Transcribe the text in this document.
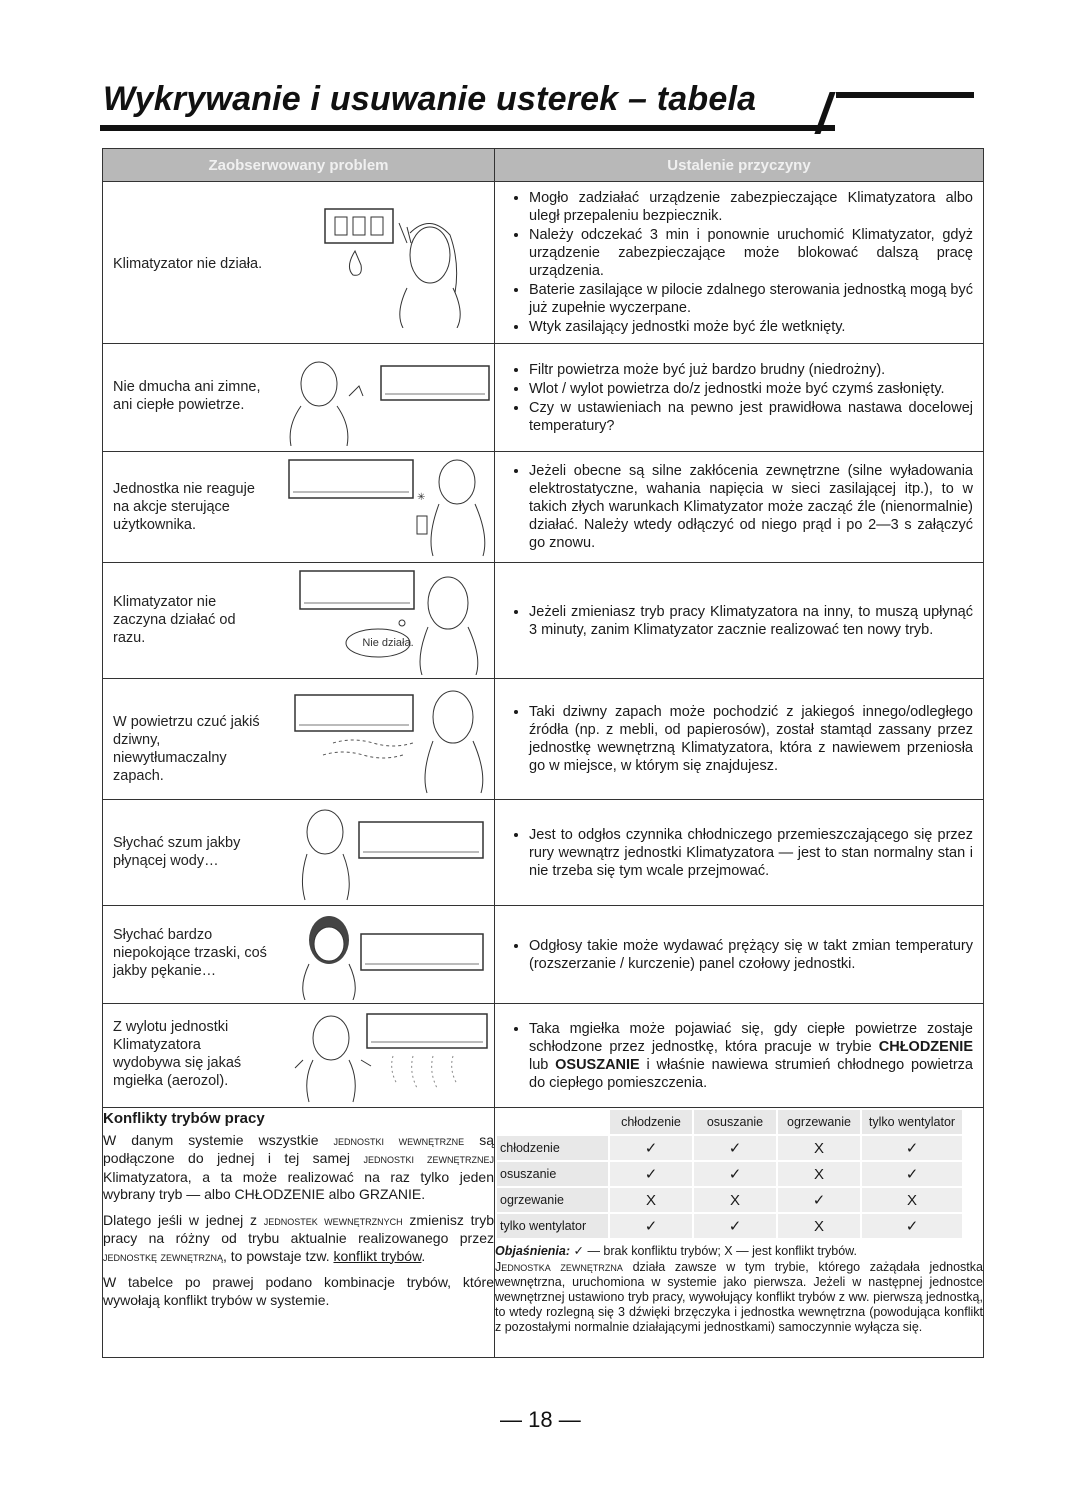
Wykrywanie i usuwanie usterek – tabela
Zaobserwowany problem	Ustalenie przyczyny

Klimatyzator nie działa.

• Mogło zadziałać urządzenie zabezpieczające Klimatyzatora albo uległ przepaleniu bezpiecznik.
• Należy odczekać 3 min i ponownie uruchomić Klimatyzator, gdyż urządzenie zabezpieczające może blokować dalszą pracę urządzenia.
• Baterie zasilające w pilocie zdalnego sterowania jednostką mogą być już zupełnie wyczerpane.
• Wtyk zasilający jednostki może być źle wetknięty.

Nie dmucha ani zimne, ani ciepłe powietrze.

• Filtr powietrza może być już bardzo brudny (niedrożny).
• Wlot / wylot powietrza do/z jednostki może być czymś zasłonięty.
• Czy w ustawieniach na pewno jest prawidłowa nastawa docelowej temperatury?

Jednostka nie reaguje na akcje sterujące użytkownika.
✳

• Jeżeli obecne są silne zakłócenia zewnętrzne (silne wyładowania elektrostatyczne, wahania napięcia w sieci zasilającej itp.), to w takich złych warunkach Klimatyzator może zacząć źle (nienormalnie) działać. Należy wtedy odłączyć od niego prąd i po 2—3 s załączyć go znowu.

Klimatyzator nie zaczyna działać od razu.	Nie działa.

• Jeżeli zmieniasz tryb pracy Klimatyzatora na inny, to muszą upłynąć 3 minuty, zanim Klimatyzator zacznie realizować ten nowy tryb.

W powietrzu czuć jakiś dziwny, niewytłumaczalny zapach.

• Taki dziwny zapach może pochodzić z jakiegoś innego/odległego źródła (np. z mebli, od papierosów), został stamtąd zassany przez jednostkę wewnętrzną Klimatyzatora, która z nawiewem przeniosła go w miejsce, w którym się znajdujesz.

Słychać szum jakby płynącej wody…

• Jest to odgłos czynnika chłodniczego przemieszczającego się przez rury wewnątrz jednostki Klimatyzatora — jest to stan normalny stan i nie trzeba się tym wcale przejmować.

Słychać bardzo niepokojące trzaski, coś jakby pękanie…

• Odgłosy takie może wydawać prężący się w takt zmian temperatury (rozszerzanie / kurczenie) panel czołowy jednostki.

Z wylotu jednostki Klimatyzatora wydobywa się jakaś mgiełka (aerozol).

• Taka mgiełka może pojawiać się, gdy ciepłe powietrze zostaje schłodzone przez jednostkę, która pracuje w trybie CHŁODZENIE lub OSUSZANIE i właśnie nawiewa strumień chłodnego powietrza do ciepłego pomieszczenia.

Konflikty trybów pracy

W danym systemie wszystkie jednostki wewnętrzne są podłączone do jednej i tej samej jednostki zewnętrznej Klimatyzatora, a ta może realizować na raz tylko jeden wybrany tryb — albo CHŁODZENIE albo GRZANIE.

Dlatego jeśli w jednej z jednostek wewnętrznych zmienisz tryb pracy na różny od trybu aktualnie realizowanego przez jednostkę zewnętrzną, to powstaje tzw. konflikt trybów.

W tabelce po prawej podano kombinacje trybów, które wywołają konflikt trybów w systemie.

	chłodzenie	osuszanie	ogrzewanie	tylko wentylator
chłodzenie	✓	✓	X	✓
osuszanie	✓	✓	X	✓
ogrzewanie	X	X	✓	X
tylko wentylator	✓	✓	X	✓
Objaśnienia: ✓ — brak konfliktu trybów; X — jest konflikt trybów.
Jednostka zewnętrzna działa zawsze w tym trybie, którego zażądała jednostka wewnętrzna, uruchomiona w systemie jako pierwsza. Jeżeli w następnej jednostce wewnętrznej ustawiono tryb pracy, wywołujący konflikt trybów z ww. pierwszą jednostką, to wtedy rozlegną się 3 dźwięki brzęczyka i jednostka wewnętrzna (powodująca konflikt z pozostałymi normalnie działającymi jednostkami) samoczynnie wyłącza się.
— 18 —
